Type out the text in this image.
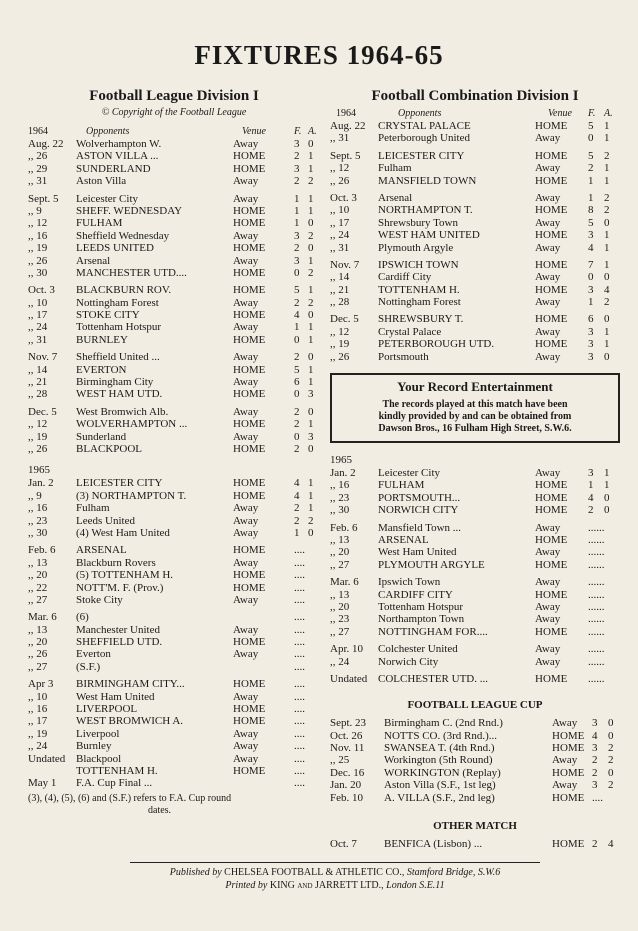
FIXTURES 1964-65
Football League Division I
© Copyright of the Football League
1964	Opponents	Venue	F. A.
Aug. 22	Wolverhampton W.	Away	3 0
,, 26	ASTON VILLA ...	HOME	2 1
,, 29	SUNDERLAND	HOME	3 1
,, 31	Aston Villa	Away	2 2
Sept. 5	Leicester City	Away	1 1
,, 9	SHEFF. WEDNESDAY	HOME	1 1
,, 12	FULHAM	HOME	1 0
,, 16	Sheffield Wednesday	Away	3 2
,, 19	LEEDS UNITED	HOME	2 0
,, 26	Arsenal	Away	3 1
,, 30	MANCHESTER UTD....	HOME	0 2
Oct. 3	BLACKBURN ROV.	HOME	5 1
,, 10	Nottingham Forest	Away	2 2
,, 17	STOKE CITY	HOME	4 0
,, 24	Tottenham Hotspur	Away	1 1
,, 31	BURNLEY	HOME	0 1
Nov. 7	Sheffield United ...	Away	2 0
,, 14	EVERTON	HOME	5 1
,, 21	Birmingham City	Away	6 1
,, 28	WEST HAM UTD.	HOME	0 3
Dec. 5	West Bromwich Alb.	Away	2 0
,, 12	WOLVERHAMPTON ...	HOME	2 1
,, 19	Sunderland	Away	0 3
,, 26	BLACKPOOL	HOME	2 0
1965
Jan. 2	LEICESTER CITY	HOME	4 1
,, 9	(3) NORTHAMPTON T.	HOME	4 1
,, 16	Fulham	Away	2 1
,, 23	Leeds United	Away	2 2
,, 30	(4) West Ham United	Away	1 0
Feb. 6	ARSENAL	HOME	....
,, 13	Blackburn Rovers	Away	....
,, 20	(5) TOTTENHAM H.	HOME	....
,, 22	NOTT'M. F. (Prov.)	HOME	....
,, 27	Stoke City	Away	....
Mar. 6	(6)	....
,, 13	Manchester United	Away	....
,, 20	SHEFFIELD UTD.	HOME	....
,, 26	Everton	Away	....
,, 27	(S.F.)	....
Apr 3	BIRMINGHAM CITY...	HOME	....
,, 10	West Ham United	Away	....
,, 16	LIVERPOOL	HOME	....
,, 17	WEST BROMWICH A.	HOME	....
,, 19	Liverpool	Away	....
,, 24	Burnley	Away	....
Undated Blackpool	Away	....
TOTTENHAM H.	HOME	....
May 1	F.A. Cup Final ...	....
(3), (4), (5), (6) and (S.F.) refers to F.A. Cup round
dates.
Football Combination Division I
1964	Opponents	Venue F. A.
Aug. 22	CRYSTAL PALACE	HOME 5 1
,, 31	Peterborough United	Away	0 1
Sept. 5	LEICESTER CITY	HOME 5 2
,, 12	Fulham	Away	2 1
,, 26	MANSFIELD TOWN	HOME 1 1
Oct. 3	Arsenal	Away	1 2
,, 10	NORTHAMPTON T.	HOME 8 2
,, 17	Shrewsbury Town	Away	5 0
,, 24	WEST HAM UNITED	HOME 3 1
,, 31	Plymouth Argyle	Away	4 1
Nov. 7	IPSWICH TOWN	HOME 7 1
,, 14	Cardiff City	Away	0 0
,, 21	TOTTENHAM H.	HOME 3 4
,, 28	Nottingham Forest	Away	1 2
Dec. 5	SHREWSBURY T.	HOME 6 0
,, 12	Crystal Palace	Away	3 1
,, 19	PETERBOROUGH UTD.	HOME 3 1
,, 26	Portsmouth	Away	3 0
Your Record Entertainment

The records played at this match have been

kindly provided by and can be obtained from

Dawson Bros., 16 Fulham High Street, S.W.6.

1965
Jan. 2	Leicester City	Away	3 1
,, 16	FULHAM	HOME 1 1
,, 23	PORTSMOUTH...	HOME 4 0
,, 30	NORWICH CITY	HOME 2 0
Feb. 6	Mansfield Town ...	Away	......
,, 13	ARSENAL	HOME ......
,, 20	West Ham United	Away	......
,, 27	PLYMOUTH ARGYLE	HOME ......
Mar. 6	Ipswich Town	Away	......
,, 13	CARDIFF CITY	HOME ......
,, 20	Tottenham Hotspur	Away	......
,, 23	Northampton Town	Away	......
,, 27	NOTTINGHAM FOR....	HOME ......
Apr. 10	Colchester United	Away	......
,, 24	Norwich City	Away	......
Undated COLCHESTER UTD. ...	HOME ......
FOOTBALL LEAGUE CUP
Sept. 23	Birmingham C. (2nd Rnd.)	Away 3 0
Oct. 26	NOTTS CO. (3rd Rnd.)...	HOME 4 0
Nov. 11	SWANSEA T. (4th Rnd.)	HOME 3 2
,, 25	Workington (5th Round)	Away 2 2
Dec. 16	WORKINGTON (Replay)	HOME 2 0
Jan. 20	Aston Villa (S.F., 1st leg)	Away 3 2
Feb. 10	A. VILLA (S.F., 2nd leg)	HOME ....
OTHER MATCH
Oct. 7	BENFICA (Lisbon) ...	HOME 2 4
Published by CHELSEA FOOTBALL & ATHLETIC CO., Stamford Bridge, S.W.6
Printed by KING and JARRETT LTD., London S.E.11
